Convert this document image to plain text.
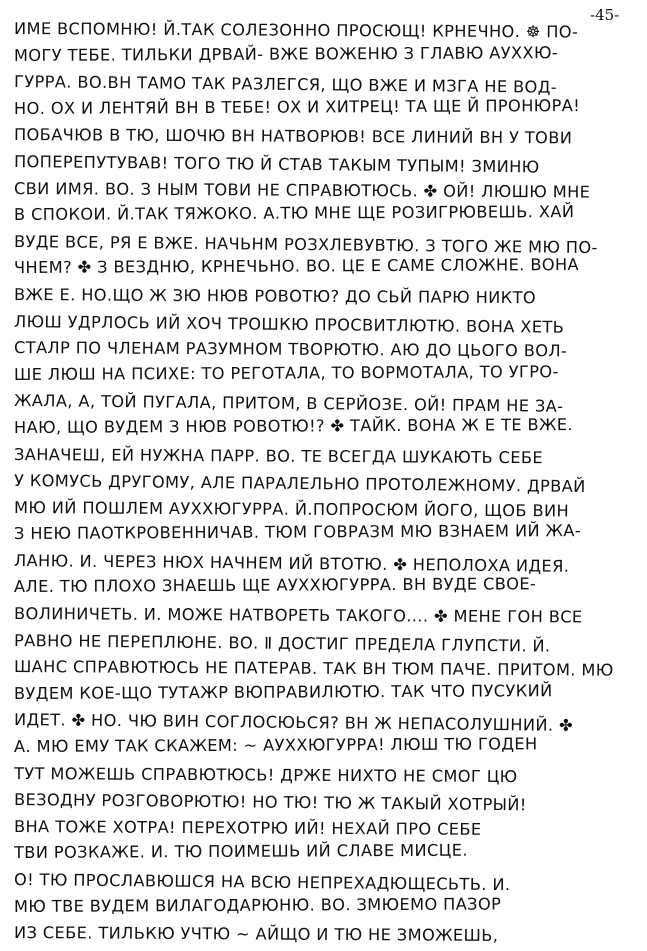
-45-
ИМЕ ВСПОМНЮ! Й.ТАК СОЛЕЗОННО ПРОСЮЩ! КРНЕЧНО. ☸ ПО-
МОГУ ТЕБЕ. ТИЛЬКИ ДРВАЙ- ВЖЕ ВОЖЕНЮ З ГЛАВЮ АУХХЮ-
ГУРРА. ВО.ВН ТАМО ТАК РАЗЛЕГСЯ, ЩО ВЖЕ И МЗГА НЕ ВОД-
НО. ОХ И ЛЕНТЯЙ ВН В ТЕБЕ! ОХ И ХИТРЕЦ! ТА ЩЕ Й ПРОНЮРА!
ПОБАЧЮВ В ТЮ, ШОЧЮ ВН НАТВОРЮВ! ВСЕ ЛИНИЙ ВН У ТОВИ
ПОПЕРЕПУТУВАВ! ТОГО ТЮ Й СТАВ ТАКЫМ ТУПЫМ! ЗМИНЮ
СВИ ИМЯ. ВО. З НЫМ ТОВИ НЕ СПРАВЮТЮСЬ. ✤ ОЙ! ЛЮШЮ МНЕ
В СПОКОИ. Й.ТАК ТЯЖОКО. А.ТЮ МНЕ ЩЕ РОЗИГРЮВЕШЬ. ХАЙ
ВУДЕ ВСЕ, РЯ Е ВЖЕ. НАЧЬНМ РОЗХЛЕВУВТЮ. З ТОГО ЖЕ МЮ ПО-
ЧНЕМ? ✤ З ВЕЗДНЮ, КРНЕЧЬНО. ВО. ЦЕ Е САМЕ СЛОЖНЕ. ВОНА
ВЖЕ Е. НО.ЩО Ж ЗЮ НЮВ РОВОТЮ? ДО СЬЙ ПАРЮ НИКТО
ЛЮШ УДРЛОСЬ ИЙ ХОЧ ТРОШКЮ ПРОСВИТЛЮТЮ. ВОНА ХЕТЬ
СТАЛР ПО ЧЛЕНАМ РАЗУМНОМ ТВОРЮТЮ. АЮ ДО ЦЬОГО ВОЛ-
ШЕ ЛЮШ НА ПСИХЕ: ТО РЕГОТАЛА, ТО ВОРМОТАЛА, ТО УГРО-
ЖАЛА, А, ТОЙ ПУГАЛА, ПРИТОМ, В СЕРЙОЗЕ. ОЙ! ПРАМ НЕ ЗА-
НАЮ, ЩО ВУДЕМ З НЮВ РОВОТЮ!? ✤ ТАЙК. ВОНА Ж Е ТЕ ВЖЕ.
ЗАНАЧЕШ, ЕЙ НУЖНА ПАРР. ВО. ТЕ ВСЕГДА ШУКАЮТЬ СЕБЕ
У КОМУСЬ ДРУГОМУ, АЛЕ ПАРАЛЕЛЬНО ПРОТОЛЕЖНОМУ. ДРВАЙ
МЮ ИЙ ПОШЛЕМ АУХХЮГУРРА. Й.ПОПРОСЮМ ЙОГО, ЩОБ ВИН
З НЕЮ ПАОТКРОВЕННИЧАВ. ТЮМ ГОВРАЗМ МЮ ВЗНАЕМ ИЙ ЖА-
ЛАНЮ. И. ЧЕРЕЗ НЮХ НАЧНЕМ ИЙ ВТОТЮ. ✤ НЕПОЛОХА ИДЕЯ.
АЛЕ. ТЮ ПЛОХО ЗНАЕШЬ ЩЕ АУХХЮГУРРА. ВН ВУДЕ СВОЕ-
ВОЛИНИЧЕТЬ. И. МОЖЕ НАТВОРЕТЬ ТАКОГО.... ✤ МЕНЕ ГОН ВСЕ
РАВНО НЕ ПЕРЕПЛЮНЕ. ВО. Ⅱ ДОСТИГ ПРЕДЕЛА ГЛУПСТИ. Й.
ШАНС СПРАВЮТЮСЬ НЕ ПАТЕРАВ. ТАК ВН ТЮМ ПАЧЕ. ПРИТОМ. МЮ
ВУДЕМ КОЕ-ЩО ТУТАЖР ВЮПРАВИЛЮТЮ. ТАК ЧТО ПУСУКИЙ
ИДЕТ. ✤ НО. ЧЮ ВИН СОГЛОСЮЬСЯ? ВН Ж НЕПАСОЛУШНИЙ. ✤
А. МЮ ЕМУ ТАК СКАЖЕМ: ~ АУХХЮГУРРА! ЛЮШ ТЮ ГОДЕН
ТУТ МОЖЕШЬ СПРАВЮТЮСЬ! ДРЖЕ НИХТО НЕ СМОГ ЦЮ
ВЕЗОДНУ РОЗГОВОРЮТЮ! НО ТЮ! ТЮ Ж ТАКЫЙ ХОТРЫЙ!
ВНА ТОЖЕ ХОТРА! ПЕРЕХОТРЮ ИЙ! НЕХАЙ ПРО СЕБЕ
ТВИ РОЗКАЖЕ. И. ТЮ ПОИМЕШЬ ИЙ СЛАВЕ МИСЦЕ.
О! ТЮ ПРОСЛАВЮШСЯ НА ВСЮ НЕПРЕХАДЮЩЕСЬТЬ. И.
МЮ ТВЕ ВУДЕМ ВИЛАГОДАРЮНЮ. ВО. ЗМЮЕМО ПАЗОР
ИЗ СЕБЕ. ТИЛЬКЮ УЧТЮ ~ АЙЩО И ТЮ НЕ ЗМОЖЕШЬ,
